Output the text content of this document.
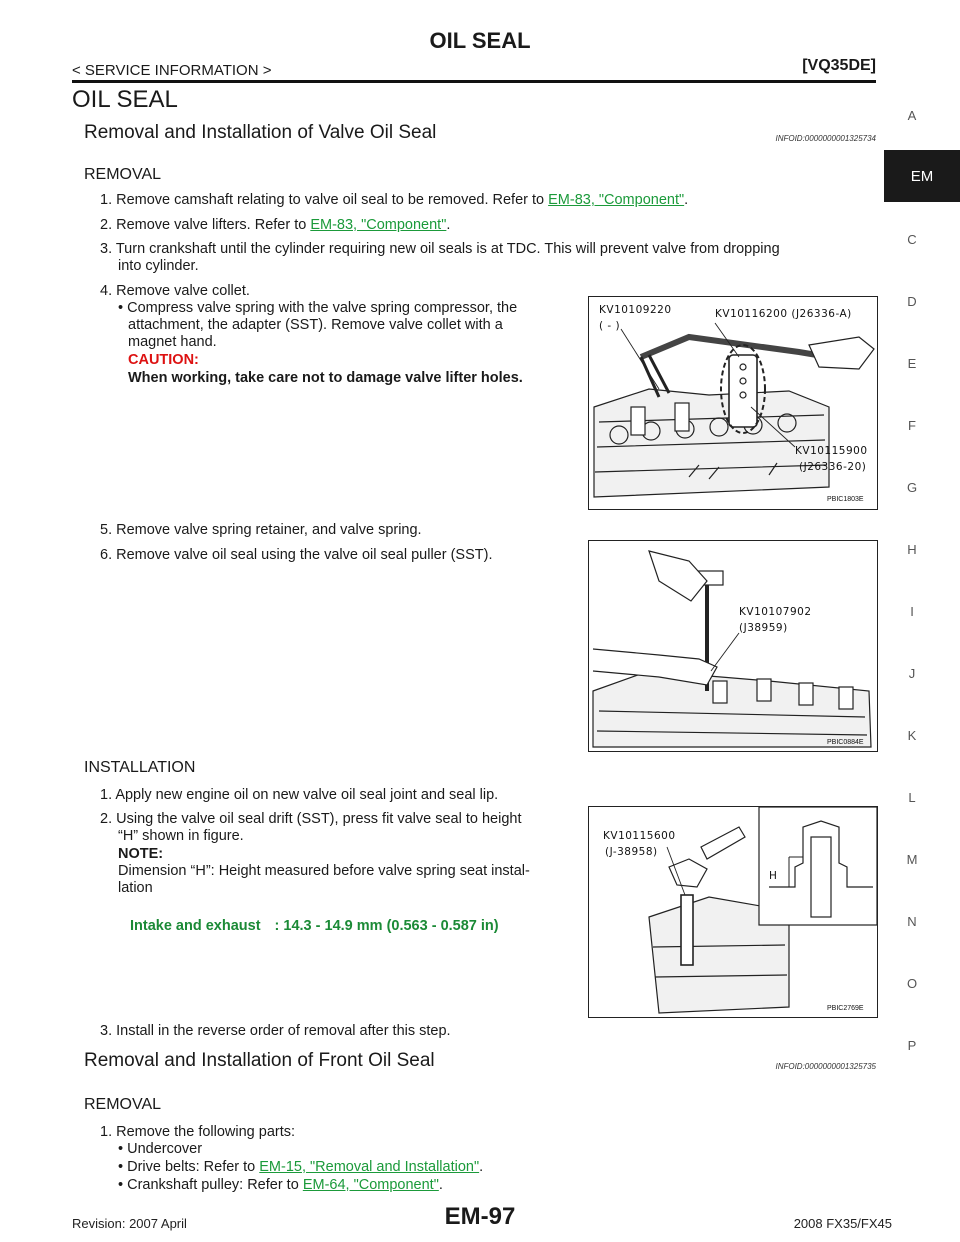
OIL SEAL
< SERVICE INFORMATION >	[VQ35DE]
OIL SEAL
A
EM
C
D
E
F
G
H
I
J
K
L
M
N
O
P
Removal and Installation of Valve Oil Seal	INFOID:0000000001325734
REMOVAL
1. Remove camshaft relating to valve oil seal to be removed. Refer to EM-83, "Component".
2. Remove valve lifters. Refer to EM-83, "Component".
3. Turn crankshaft until the cylinder requiring new oil seals is at TDC. This will prevent valve from dropping
into cylinder.
4. Remove valve collet.
• Compress valve spring with the valve spring compressor, the
attachment, the adapter (SST). Remove valve collet with a
magnet hand.
CAUTION:
When working, take care not to damage valve lifter holes.
KV10109220
( - )
KV10116200 (J26336-A)
KV10115900
(J26336-20)
PBIC1803E
5. Remove valve spring retainer, and valve spring.
6. Remove valve oil seal using the valve oil seal puller (SST).
KV10107902
(J38959)
PBIC0884E
INSTALLATION
1. Apply new engine oil on new valve oil seal joint and seal lip.
2. Using the valve oil seal drift (SST), press fit valve seal to height
“H” shown in figure.
NOTE:
Dimension “H”: Height measured before valve spring seat instal-
lation
Intake and exhaust : 14.3 - 14.9 mm (0.563 - 0.587 in)
KV10115600
(J-38958)
H
PBIC2769E
3. Install in the reverse order of removal after this step.
Removal and Installation of Front Oil Seal	INFOID:0000000001325735
REMOVAL
1. Remove the following parts:
• Undercover
• Drive belts: Refer to EM-15, "Removal and Installation".
• Crankshaft pulley: Refer to EM-64, "Component".
Revision: 2007 April	EM-97	2008 FX35/FX45
